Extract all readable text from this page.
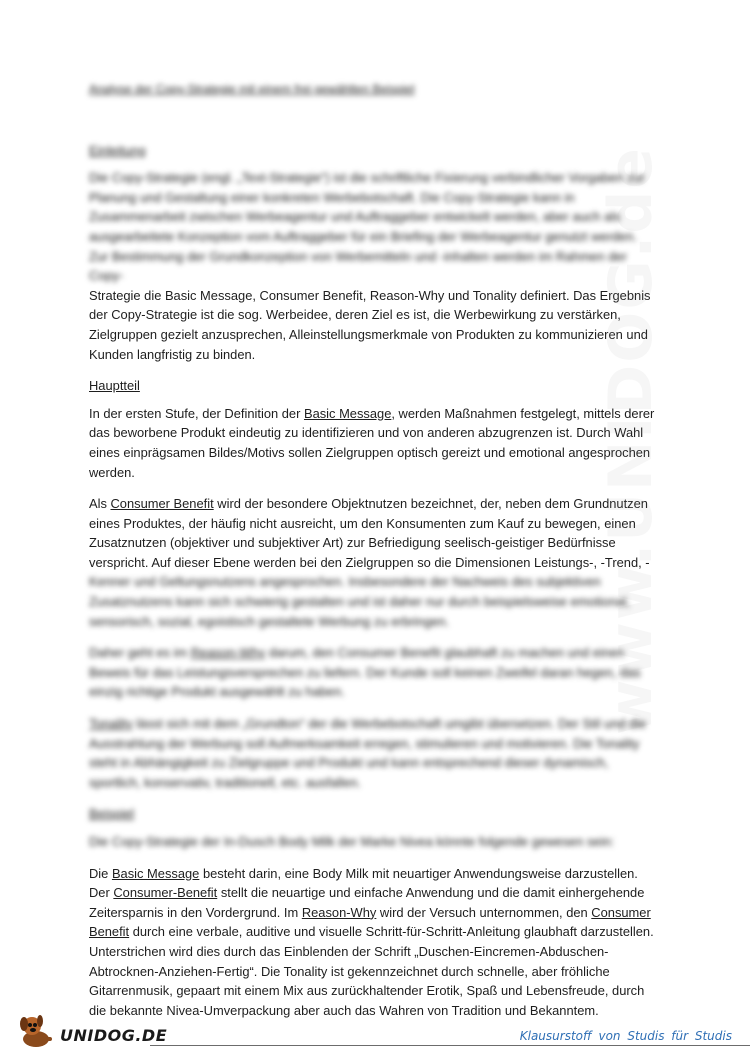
Analyse der Copy-Strategie mit einem frei gewählten Beispiel
Einleitung

Die Copy-Strategie (engl. „Text-Strategie“) ist die schriftliche Fixierung verbindlicher Vorgaben zur Planung und Gestaltung einer konkreten Werbebotschaft. Die Copy-Strategie kann in Zusammenarbeit zwischen Werbeagentur und Auftraggeber entwickelt werden, aber auch als ausgearbeitete Konzeption vom Auftraggeber für ein Briefing der Werbeagentur genutzt werden. Zur Bestimmung der Grundkonzeption von Werbemitteln und -inhalten werden im Rahmen der Copy-
Strategie die Basic Message, Consumer Benefit, Reason-Why und Tonality definiert. Das Ergebnis der Copy-Strategie ist die sog. Werbeidee, deren Ziel es ist, die Werbewirkung zu verstärken, Zielgruppen gezielt anzusprechen, Alleinstellungsmerkmale von Produkten zu kommunizieren und Kunden langfristig zu binden.

Hauptteil

In der ersten Stufe, der Definition der Basic Message, werden Maßnahmen festgelegt, mittels derer das beworbene Produkt eindeutig zu identifizieren und von anderen abzugrenzen ist. Durch Wahl eines einprägsamen Bildes/Motivs sollen Zielgruppen optisch gereizt und emotional angesprochen werden.

Als Consumer Benefit wird der besondere Objektnutzen bezeichnet, der, neben dem Grundnutzen eines Produktes, der häufig nicht ausreicht, um den Konsumenten zum Kauf zu bewegen, einen Zusatznutzen (objektiver und subjektiver Art) zur Befriedigung seelisch-geistiger Bedürfnisse verspricht. Auf dieser Ebene werden bei den Zielgruppen so die Dimensionen Leistungs-, -Trend, -
Kenner und Geltungsnutzens angesprochen. Insbesondere der Nachweis des subjektiven Zusatznutzens kann sich schwierig gestalten und ist daher nur durch beispielsweise emotional, sensorisch, sozial, egoistisch gestaltete Werbung zu erbringen.

Daher geht es im Reason-Why darum, den Consumer Benefit glaubhaft zu machen und einen Beweis für das Leistungsversprechen zu liefern. Der Kunde soll keinen Zweifel daran hegen, das einzig richtige Produkt ausgewählt zu haben.

Tonality lässt sich mit dem „Grundton“ der die Werbebotschaft umgibt übersetzen. Der Stil und die Ausstrahlung der Werbung soll Aufmerksamkeit erregen, stimulieren und motivieren. Die Tonality steht in Abhängigkeit zu Zielgruppe und Produkt und kann entsprechend dieser dynamisch, sportlich, konservativ, traditionell, etc. ausfallen.

Beispiel

Die Copy-Strategie der In-Dusch Body Milk der Marke Nivea könnte folgende gewesen sein:

Die Basic Message besteht darin, eine Body Milk mit neuartiger Anwendungsweise darzustellen. Der Consumer-Benefit stellt die neuartige und einfache Anwendung und die damit einhergehende Zeitersparnis in den Vordergrund. Im Reason-Why wird der Versuch unternommen, den Consumer Benefit durch eine verbale, auditive und visuelle Schritt-für-Schritt-Anleitung glaubhaft darzustellen. Unterstrichen wird dies durch das Einblenden der Schrift „Duschen-Eincremen-Abduschen-Abtrocknen-Anziehen-Fertig“. Die Tonality ist gekennzeichnet durch schnelle, aber fröhliche Gitarrenmusik, gepaart mit einem Mix aus zurückhaltender Erotik, Spaß und Lebensfreude, durch die bekannte Nivea-Umverpackung aber auch das Wahren von Tradition und Bekanntem.

www.UNIDOG.de
UNIDOG.DE	Klausurstoff von Studis für Studis
